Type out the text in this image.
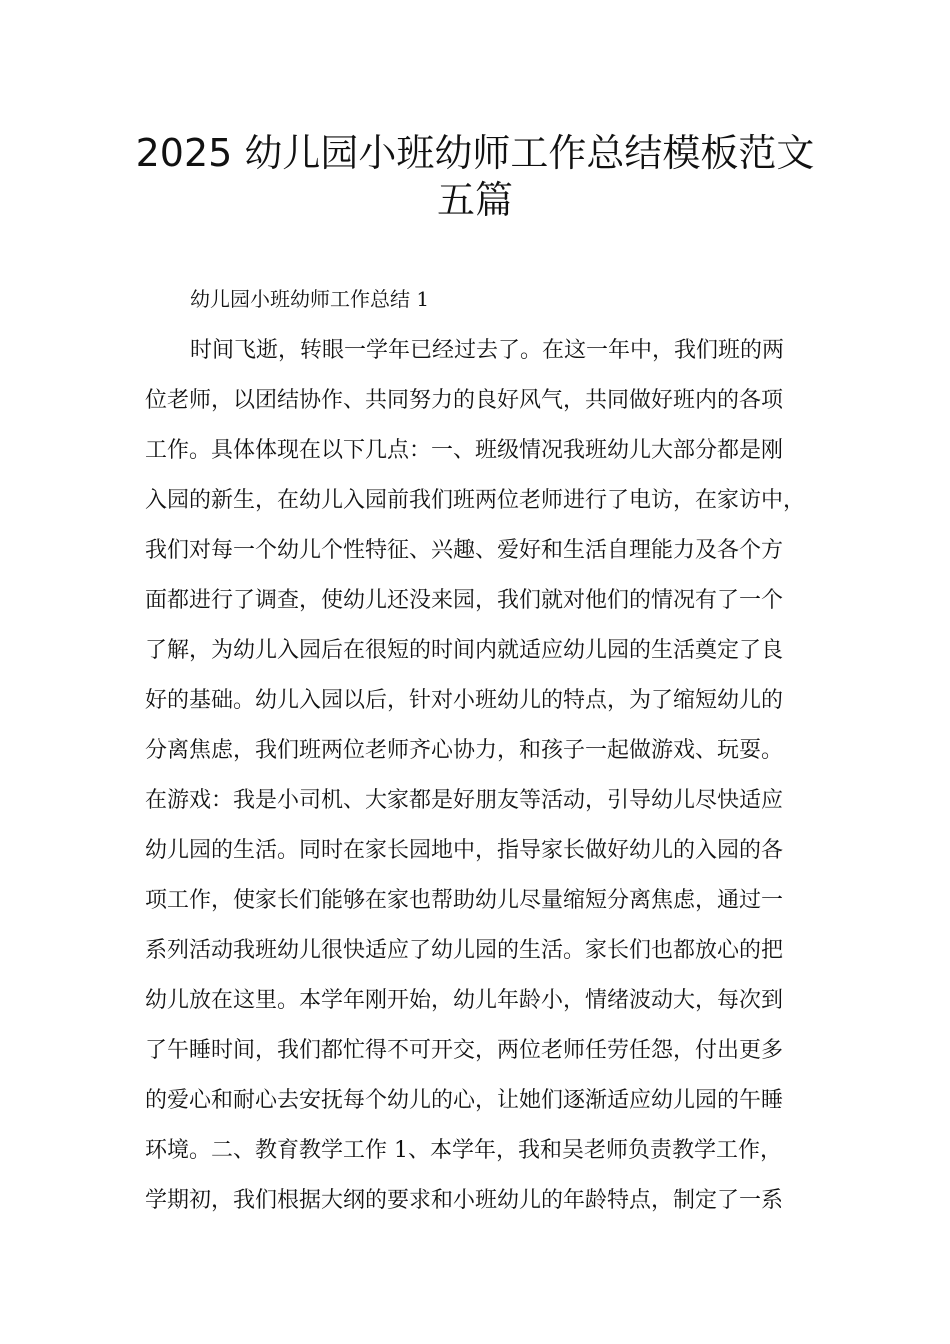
2025 幼儿园小班幼师工作总结模板范文
五篇
幼儿园小班幼师工作总结 1
时间飞逝，转眼一学年已经过去了。在这一年中，我们班的两
位老师，以团结协作、共同努力的良好风气，共同做好班内的各项
工作。具体体现在以下几点：一、班级情况我班幼儿大部分都是刚
入园的新生，在幼儿入园前我们班两位老师进行了电访，在家访中，
我们对每一个幼儿个性特征、兴趣、爱好和生活自理能力及各个方
面都进行了调查，使幼儿还没来园，我们就对他们的情况有了一个
了解，为幼儿入园后在很短的时间内就适应幼儿园的生活奠定了良
好的基础。幼儿入园以后，针对小班幼儿的特点，为了缩短幼儿的
分离焦虑，我们班两位老师齐心协力，和孩子一起做游戏、玩耍。
在游戏：我是小司机、大家都是好朋友等活动，引导幼儿尽快适应
幼儿园的生活。同时在家长园地中，指导家长做好幼儿的入园的各
项工作，使家长们能够在家也帮助幼儿尽量缩短分离焦虑，通过一
系列活动我班幼儿很快适应了幼儿园的生活。家长们也都放心的把
幼儿放在这里。本学年刚开始，幼儿年龄小，情绪波动大，每次到
了午睡时间，我们都忙得不可开交，两位老师任劳任怨，付出更多
的爱心和耐心去安抚每个幼儿的心，让她们逐渐适应幼儿园的午睡
环境。二、教育教学工作 1、本学年，我和吴老师负责教学工作，
学期初，我们根据大纲的要求和小班幼儿的年龄特点，制定了一系
